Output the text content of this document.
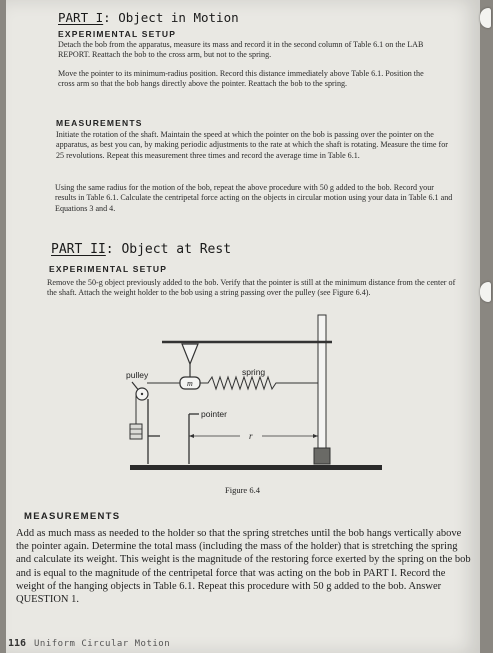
PART I: Object in Motion
EXPERIMENTAL SETUP
Detach the bob from the apparatus, measure its mass and record it in the second column of Table 6.1 on the LAB REPORT. Reattach the bob to the cross arm, but not to the spring.
Move the pointer to its minimum-radius position. Record this distance immediately above Table 6.1. Position the cross arm so that the bob hangs directly above the pointer. Reattach the bob to the spring.
MEASUREMENTS
Initiate the rotation of the shaft. Maintain the speed at which the pointer on the bob is passing over the pointer on the apparatus, as best you can, by making periodic adjustments to the rate at which the shaft is rotating. Measure the time for 25 revolutions. Repeat this measurement three times and record the average time in Table 6.1.
Using the same radius for the motion of the bob, repeat the above procedure with 50 g added to the bob. Record your results in Table 6.1. Calculate the centripetal force acting on the objects in circular motion using your data in Table 6.1 and Equations 3 and 4.
PART II: Object at Rest
EXPERIMENTAL SETUP
Remove the 50-g object previously added to the bob. Verify that the pointer is still at the minimum distance from the center of the shaft. Attach the weight holder to the bob using a string passing over the pulley (see Figure 6.4).
m
spring
pulley
pointer
r
Figure 6.4
MEASUREMENTS
Add as much mass as needed to the holder so that the spring stretches until the bob hangs vertically above the pointer again. Determine the total mass (including the mass of the holder) that is stretching the spring and calculate its weight. This weight is the magnitude of the restoring force exerted by the spring on the bob and is equal to the magnitude of the centripetal force that was acting on the bob in PART I. Record the weight of the hanging objects in Table 6.1. Repeat this procedure with 50 g added to the bob. Answer QUESTION 1.
116 Uniform Circular Motion
